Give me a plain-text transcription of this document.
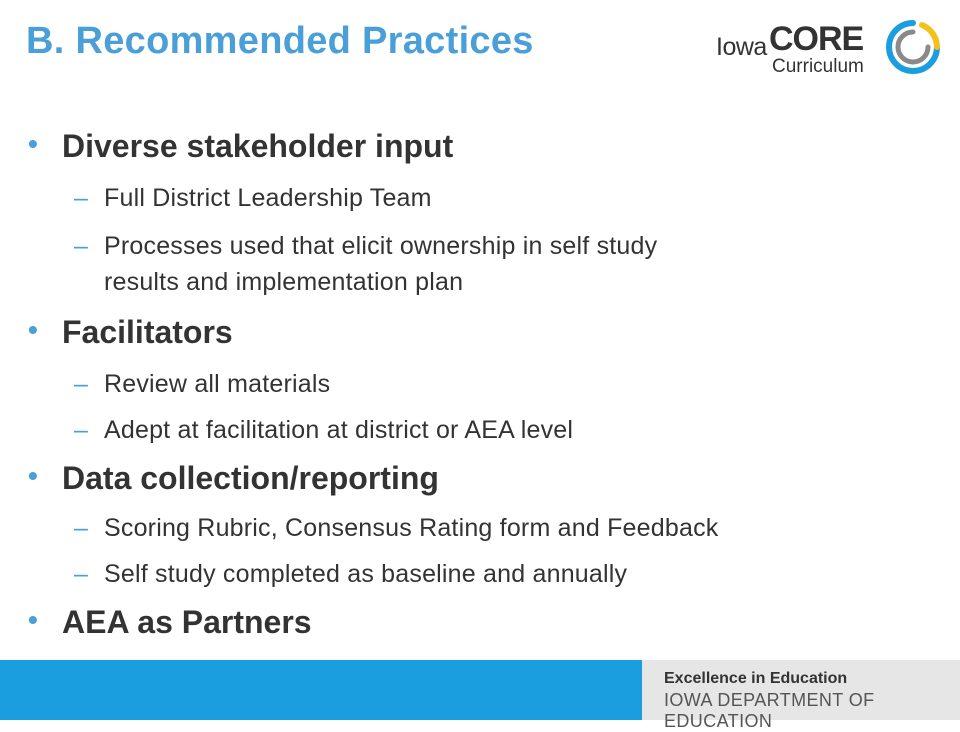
B. Recommended Practices	Iowa CORE
Curriculum
• Diverse stakeholder input
– Full District Leadership Team
– Processes used that elicit ownership in self study
results and implementation plan
• Facilitators
– Review all materials
– Adept at facilitation at district or AEA level
• Data collection/reporting
– Scoring Rubric, Consensus Rating form and Feedback
– Self study completed as baseline and annually
• AEA as Partners
Excellence in Education
IOWA DEPARTMENT OF EDUCATION
